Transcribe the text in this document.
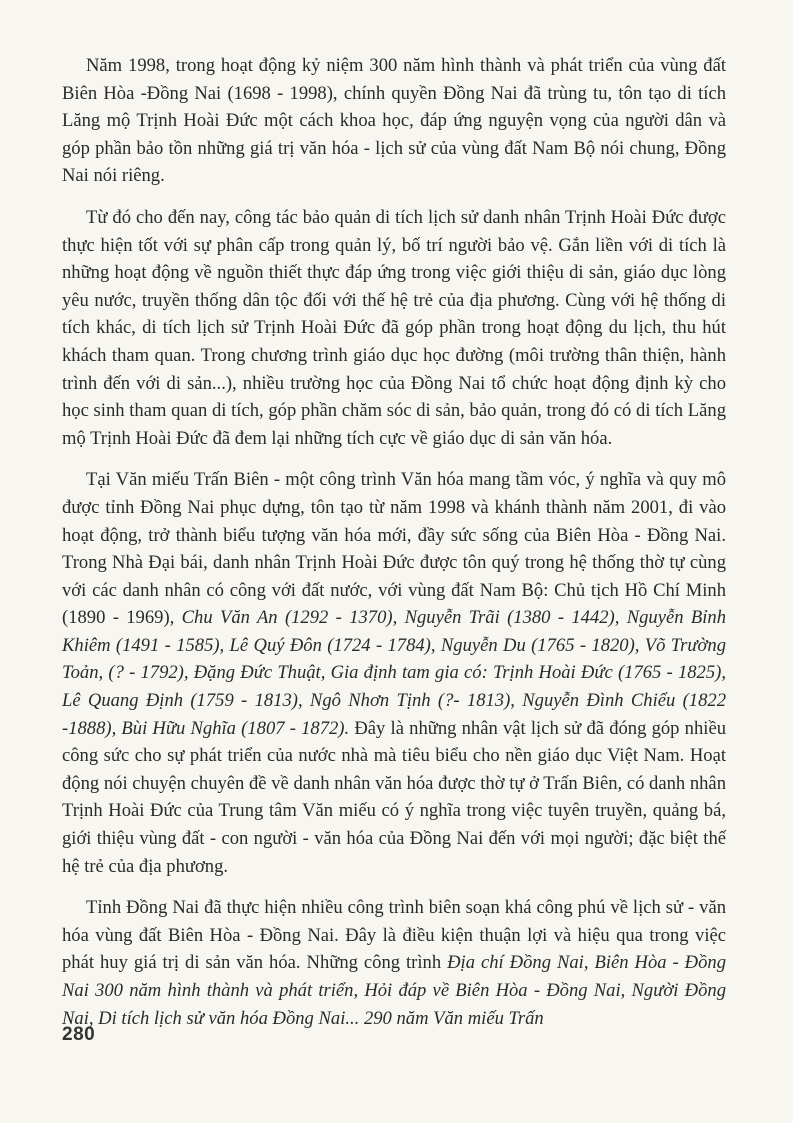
Năm 1998, trong hoạt động kỷ niệm 300 năm hình thành và phát triển của vùng đất Biên Hòa -Đồng Nai (1698 - 1998), chính quyền Đồng Nai đã trùng tu, tôn tạo di tích Lăng mộ Trịnh Hoài Đức một cách khoa học, đáp ứng nguyện vọng của người dân và góp phần bảo tồn những giá trị văn hóa - lịch sử của vùng đất Nam Bộ nói chung, Đồng Nai nói riêng.

Từ đó cho đến nay, công tác bảo quản di tích lịch sử danh nhân Trịnh Hoài Đức được thực hiện tốt với sự phân cấp trong quản lý, bố trí người bảo vệ. Gắn liền với di tích là những hoạt động về nguồn thiết thực đáp ứng trong việc giới thiệu di sản, giáo dục lòng yêu nước, truyền thống dân tộc đối với thế hệ trẻ của địa phương. Cùng với hệ thống di tích khác, di tích lịch sử Trịnh Hoài Đức đã góp phần trong hoạt động du lịch, thu hút khách tham quan. Trong chương trình giáo dục học đường (môi trường thân thiện, hành trình đến với di sản...), nhiều trường học của Đồng Nai tổ chức hoạt động định kỳ cho học sinh tham quan di tích, góp phần chăm sóc di sản, bảo quản, trong đó có di tích Lăng mộ Trịnh Hoài Đức đã đem lại những tích cực về giáo dục di sản văn hóa.

Tại Văn miếu Trấn Biên - một công trình Văn hóa mang tầm vóc, ý nghĩa và quy mô được tỉnh Đồng Nai phục dựng, tôn tạo từ năm 1998 và khánh thành năm 2001, đi vào hoạt động, trở thành biểu tượng văn hóa mới, đầy sức sống của Biên Hòa - Đồng Nai. Trong Nhà Đại bái, danh nhân Trịnh Hoài Đức được tôn quý trong hệ thống thờ tự cùng với các danh nhân có công với đất nước, với vùng đất Nam Bộ: Chủ tịch Hồ Chí Minh (1890 - 1969), Chu Văn An (1292 - 1370), Nguyễn Trãi (1380 - 1442), Nguyễn Bỉnh Khiêm (1491 - 1585), Lê Quý Đôn (1724 - 1784), Nguyễn Du (1765 - 1820), Võ Trường Toản, (? - 1792), Đặng Đức Thuật, Gia định tam gia có: Trịnh Hoài Đức (1765 - 1825), Lê Quang Định (1759 - 1813), Ngô Nhơn Tịnh (?- 1813), Nguyễn Đình Chiểu (1822 -1888), Bùi Hữu Nghĩa (1807 - 1872). Đây là những nhân vật lịch sử đã đóng góp nhiều công sức cho sự phát triển của nước nhà mà tiêu biểu cho nền giáo dục Việt Nam. Hoạt động nói chuyện chuyên đề về danh nhân văn hóa được thờ tự ở Trấn Biên, có danh nhân Trịnh Hoài Đức của Trung tâm Văn miếu có ý nghĩa trong việc tuyên truyền, quảng bá, giới thiệu vùng đất - con người - văn hóa của Đồng Nai đến với mọi người; đặc biệt thế hệ trẻ của địa phương.

Tỉnh Đồng Nai đã thực hiện nhiều công trình biên soạn khá công phú về lịch sử - văn hóa vùng đất Biên Hòa - Đồng Nai. Đây là điều kiện thuận lợi và hiệu qua trong việc phát huy giá trị di sản văn hóa. Những công trình Địa chí Đồng Nai, Biên Hòa - Đồng Nai 300 năm hình thành và phát triển, Hỏi đáp về Biên Hòa - Đồng Nai, Người Đồng Nai, Di tích lịch sử văn hóa Đồng Nai... 290 năm Văn miếu Trấn

280
